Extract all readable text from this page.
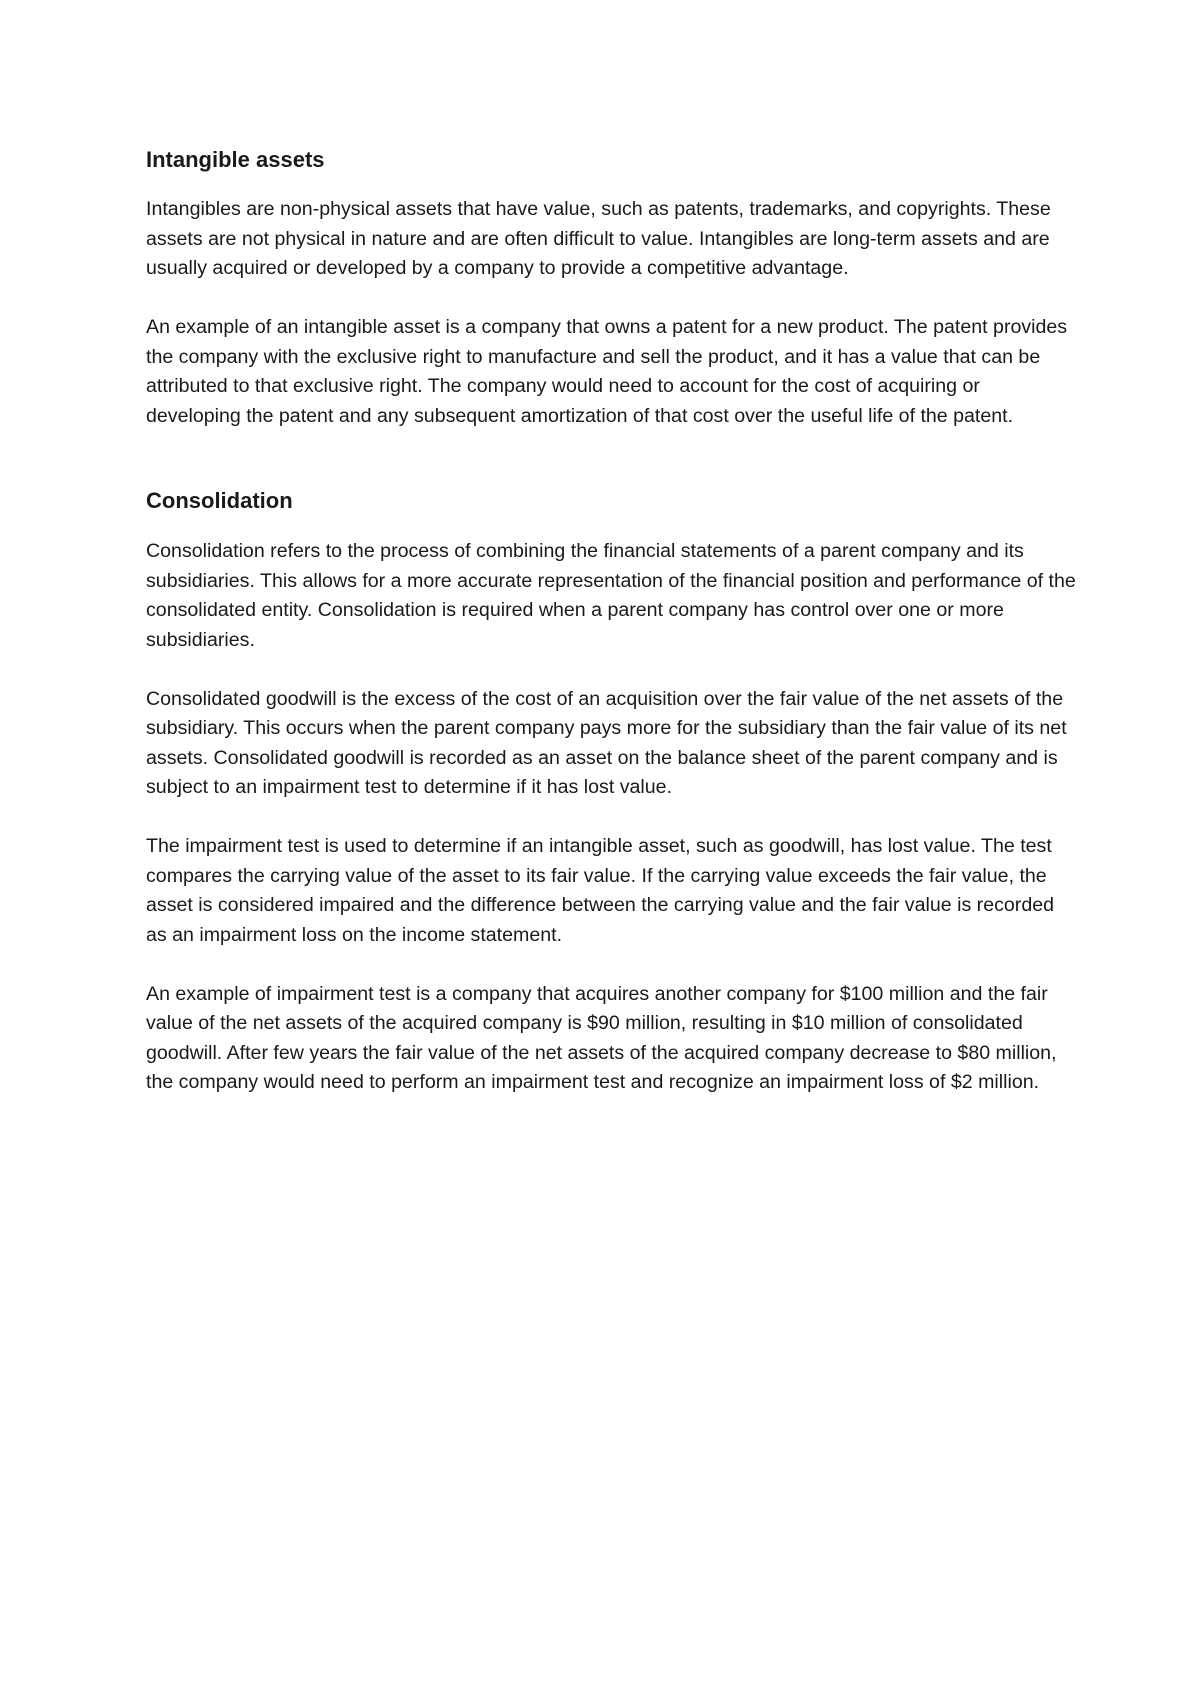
Intangible assets

Intangibles are non-physical assets that have value, such as patents, trademarks, and copyrights. These assets are not physical in nature and are often difficult to value. Intangibles are long-term assets and are usually acquired or developed by a company to provide a competitive advantage.

An example of an intangible asset is a company that owns a patent for a new product. The patent provides the company with the exclusive right to manufacture and sell the product, and it has a value that can be attributed to that exclusive right. The company would need to account for the cost of acquiring or developing the patent and any subsequent amortization of that cost over the useful life of the patent.

Consolidation

Consolidation refers to the process of combining the financial statements of a parent company and its subsidiaries. This allows for a more accurate representation of the financial position and performance of the consolidated entity. Consolidation is required when a parent company has control over one or more subsidiaries.

Consolidated goodwill is the excess of the cost of an acquisition over the fair value of the net assets of the subsidiary. This occurs when the parent company pays more for the subsidiary than the fair value of its net assets. Consolidated goodwill is recorded as an asset on the balance sheet of the parent company and is subject to an impairment test to determine if it has lost value.

The impairment test is used to determine if an intangible asset, such as goodwill, has lost value. The test compares the carrying value of the asset to its fair value. If the carrying value exceeds the fair value, the asset is considered impaired and the difference between the carrying value and the fair value is recorded as an impairment loss on the income statement.

An example of impairment test is a company that acquires another company for $100 million and the fair value of the net assets of the acquired company is $90 million, resulting in $10 million of consolidated goodwill. After few years the fair value of the net assets of the acquired company decrease to $80 million, the company would need to perform an impairment test and recognize an impairment loss of $2 million.
